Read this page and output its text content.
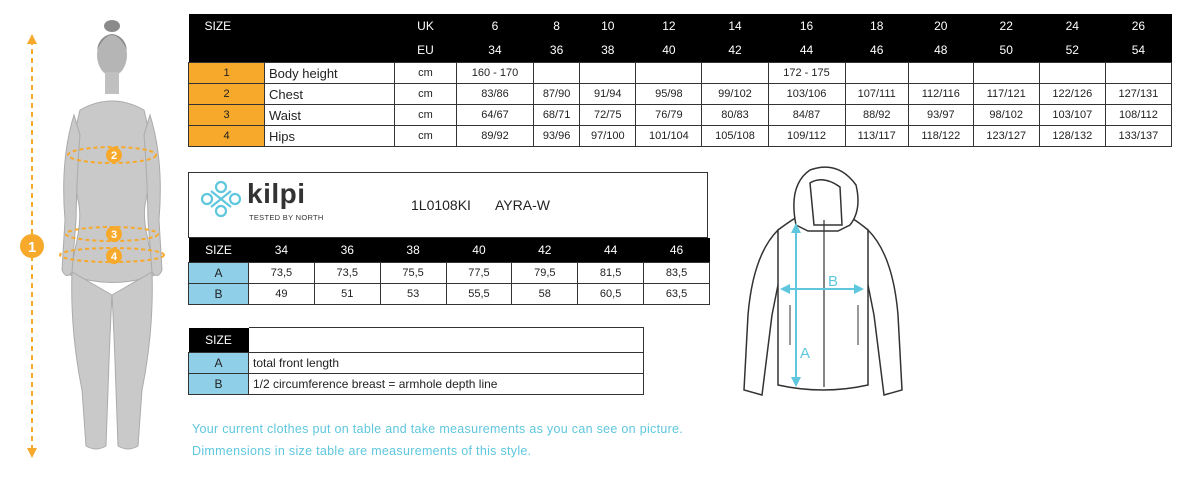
1
2
3
4
SIZE		UK	6	8	10	12	14	16	18	20	22	24	26
		EU	34	36	38	40	42	44	46	48	50	52	54
1	Body height	cm	160 - 170					172 - 175					
2	Chest	cm	83/86	87/90	91/94	95/98	99/102	103/106	107/111	112/116	117/121	122/126	127/131
3	Waist	cm	64/67	68/71	72/75	76/79	80/83	84/87	88/92	93/97	98/102	103/107	108/112
4	Hips	cm	89/92	93/96	97/100	101/104	105/108	109/112	113/117	118/122	123/127	128/132	133/137
kilpi
TESTED BY NORTH
1L0108KI AYRA-W
SIZE	34	36	38	40	42	44	46
A	73,5	73,5	75,5	77,5	79,5	81,5	83,5
B	49	51	53	55,5	58	60,5	63,5
SIZE	
A	total front length
B	1/2 circumference breast = armhole depth line
A
B
Your current clothes put on table and take measurements as you can see on picture.
Dimmensions in size table are measurements of this style.
